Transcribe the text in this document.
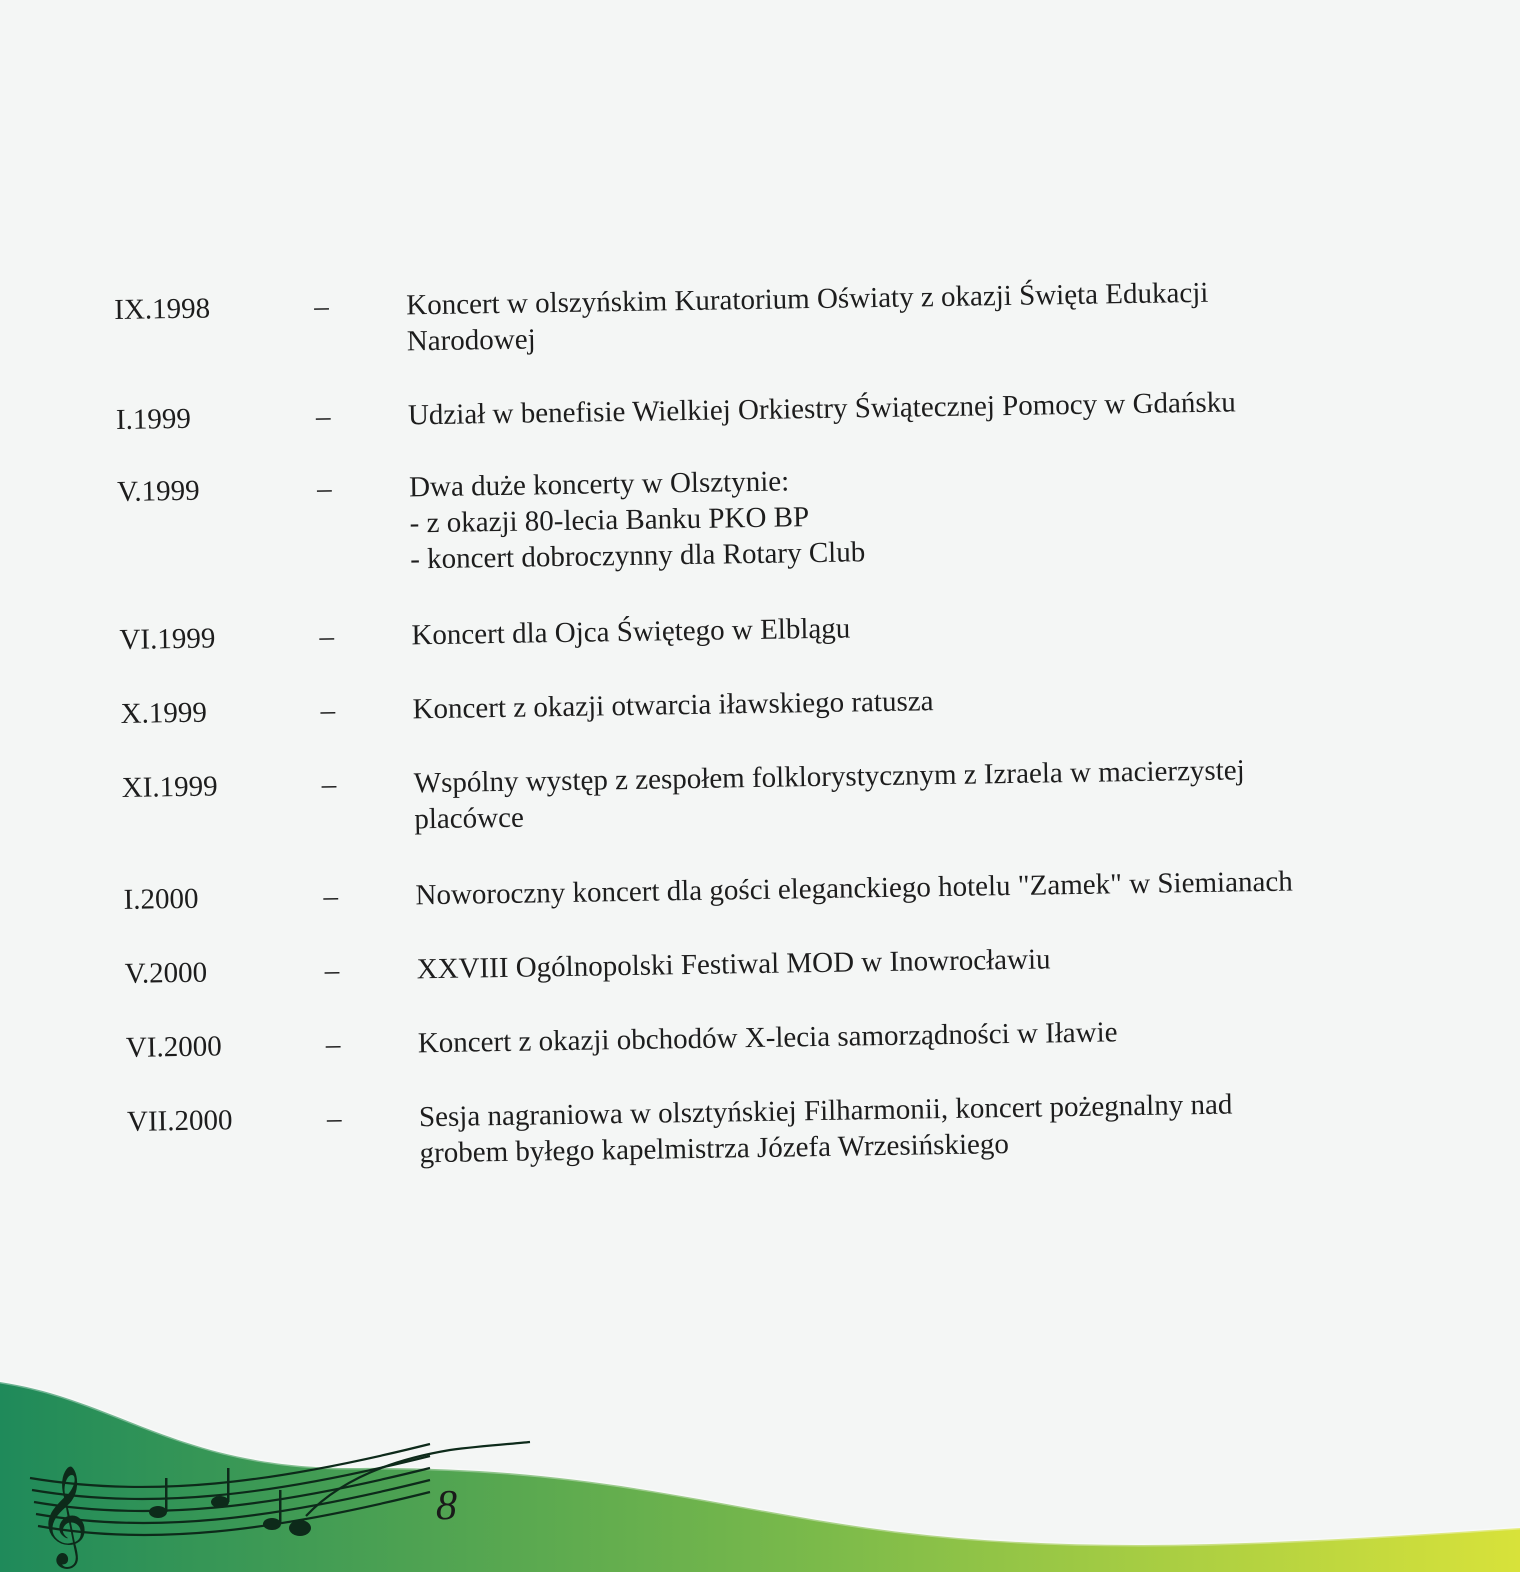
IX.1998	–	Koncert w olszyńskim Kuratorium Oświaty z okazji Święta Edukacji
Narodowej
I.1999	–	Udział w benefisie Wielkiej Orkiestry Świątecznej Pomocy w Gdańsku
V.1999	–	Dwa duże koncerty w Olsztynie:
- z okazji 80-lecia Banku PKO BP
- koncert dobroczynny dla Rotary Club
VI.1999	–	Koncert dla Ojca Świętego w Elblągu
X.1999	–	Koncert z okazji otwarcia iławskiego ratusza
XI.1999	–	Wspólny występ z zespołem folklorystycznym z Izraela w macierzystej
placówce
I.2000	–	Noworoczny koncert dla gości eleganckiego hotelu "Zamek" w Siemianach
V.2000	–	XXVIII Ogólnopolski Festiwal MOD w Inowrocławiu
VI.2000	–	Koncert z okazji obchodów X-lecia samorządności w Iławie
VII.2000	–	Sesja nagraniowa w olsztyńskiej Filharmonii, koncert pożegnalny nad
grobem byłego kapelmistrza Józefa Wrzesińskiego
𝄞	8
